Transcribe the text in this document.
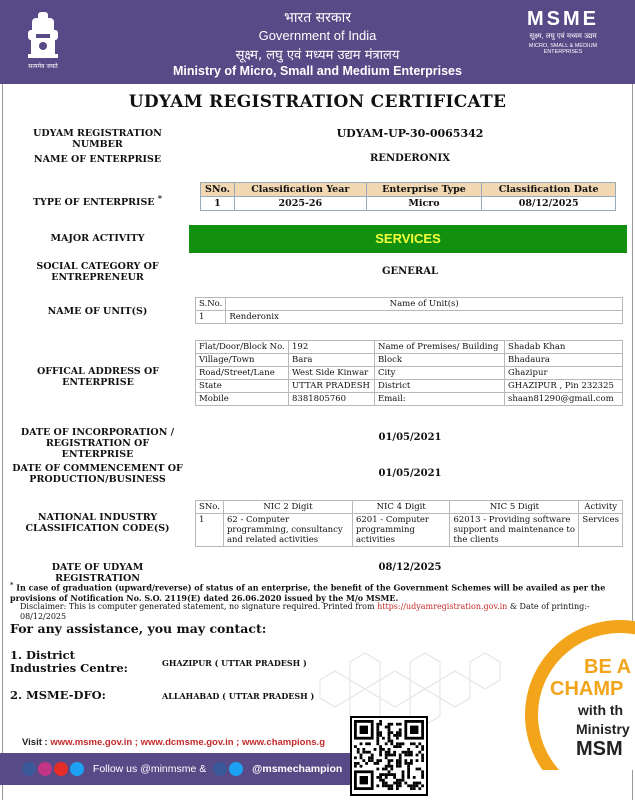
सत्यमेव जयते
भारत सरकार
Government of India
सूक्ष्म, लघु एवं मध्यम उद्यम मंत्रालय
Ministry of Micro, Small and Medium Enterprises
MSME
सूक्ष्म, लघु एवं मध्यम उद्यम
MICRO, SMALL & MEDIUM ENTERPRISES
UDYAM REGISTRATION CERTIFICATE
UDYAM REGISTRATION NUMBER
UDYAM-UP-30-0065342
NAME OF ENTERPRISE	RENDERONIX
TYPE OF ENTERPRISE *
SNo.	Classification Year	Enterprise Type	Classification Date
1	2025-26	Micro	08/12/2025
MAJOR ACTIVITY	SERVICES
SOCIAL CATEGORY OF ENTREPRENEUR
GENERAL
NAME OF UNIT(S)
S.No.	Name of Unit(s)
1	Renderonix
OFFICAL ADDRESS OF ENTERPRISE
Flat/Door/Block No.	192	Name of Premises/ Building	Shadab Khan
Village/Town	Bara	Block	Bhadaura
Road/Street/Lane	West Side Kinwar	City	Ghazipur
State	UTTAR PRADESH	District	GHAZIPUR , Pin 232325
Mobile	8381805760	Email:	shaan81290@gmail.com
DATE OF INCORPORATION / REGISTRATION OF ENTERPRISE
01/05/2021
DATE OF COMMENCEMENT OF PRODUCTION/BUSINESS
01/05/2021
NATIONAL INDUSTRY CLASSIFICATION CODE(S)
SNo.	NIC 2 Digit	NIC 4 Digit	NIC 5 Digit	Activity
1	62 - Computer programming, consultancy and related activities	6201 - Computer programming activities	62013 - Providing software support and maintenance to the clients	Services
DATE OF UDYAM REGISTRATION
08/12/2025
* In case of graduation (upward/reverse) of status of an enterprise, the benefit of the Government Schemes will be availed as per the provisions of Notification No. S.O. 2119(E) dated 26.06.2020 issued by the M/o MSME.
Disclaimer: This is computer generated statement, no signature required. Printed from https://udyamregistration.gov.in & Date of printing:- 08/12/2025
For any assistance, you may contact:
1. District Industries Centre:	GHAZIPUR ( UTTAR PRADESH )
2. MSME-DFO:	ALLAHABAD ( UTTAR PRADESH )
BE A
CHAMP
with th
Ministry
MSM
Visit : www.msme.gov.in ; www.dcmsme.gov.in ; www.champions.g
Follow us @minmsme &	@msmechampion
